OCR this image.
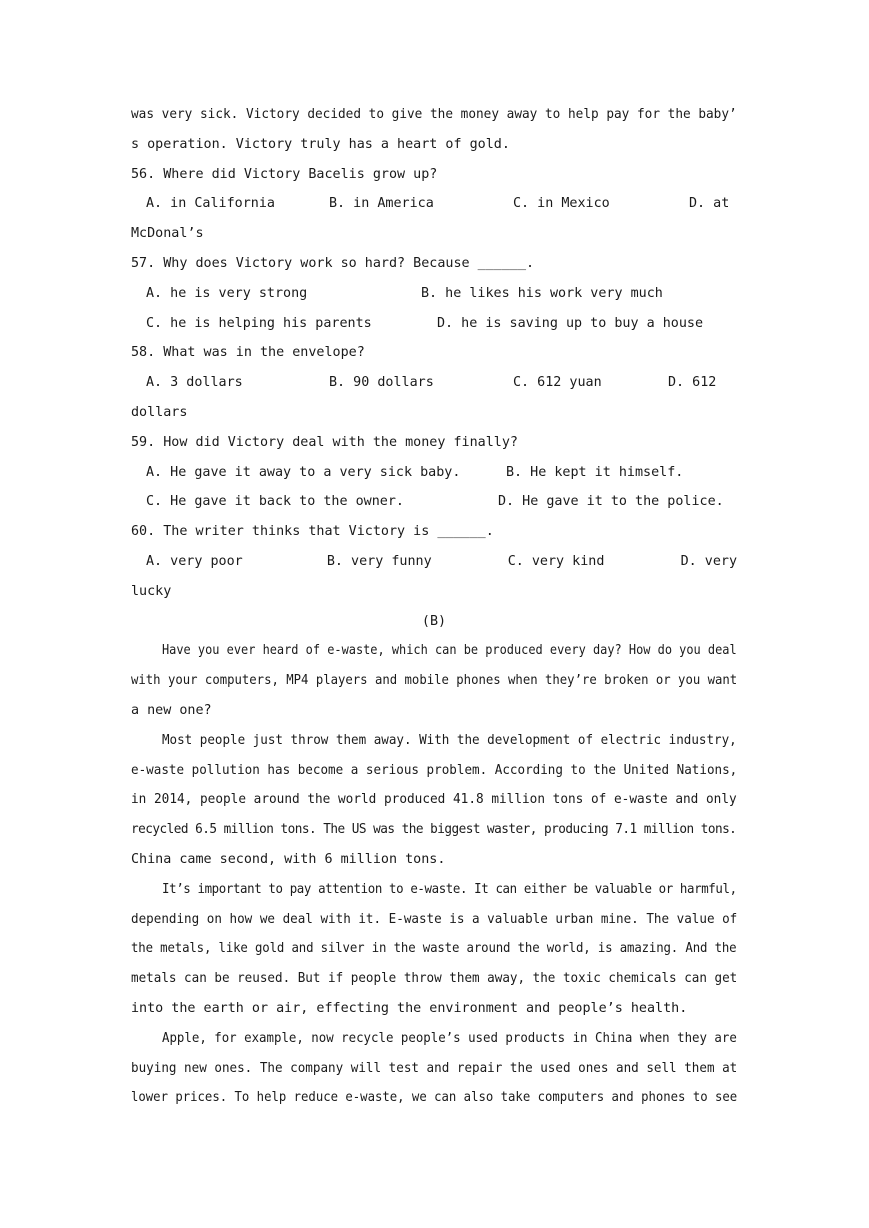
was very sick. Victory decided to give the money away to help pay for the baby’
s operation. Victory truly has a heart of gold.
56. Where did Victory Bacelis grow up?
A. in California	B. in America	C. in Mexico	D. at
McDonal’s
57. Why does Victory work so hard? Because ______.
A. he is very strong	B. he likes his work very much
C. he is helping his parents	D. he is saving up to buy a house
58. What was in the envelope?
A. 3 dollars	B. 90 dollars	C. 612 yuan	D. 612
dollars
59. How did Victory deal with the money finally?
A. He gave it away to a very sick baby.	B. He kept it himself.
C. He gave it back to the owner.	D. He gave it to the police.
60. The writer thinks that Victory is ______.
A. very poor	B. very funny	C. very kind	D. very
lucky
(B)
Have you ever heard of e-waste, which can be produced every day? How do you deal
with your computers, MP4 players and mobile phones when they’re broken or you want
a new one?
Most people just throw them away. With the development of electric industry,
e-waste pollution has become a serious problem. According to the United Nations,
in 2014, people around the world produced 41.8 million tons of e-waste and only
recycled 6.5 million tons. The US was the biggest waster, producing 7.1 million tons.
China came second, with 6 million tons.
It’s important to pay attention to e-waste. It can either be valuable or harmful,
depending on how we deal with it. E-waste is a valuable urban mine. The value of
the metals, like gold and silver in the waste around the world, is amazing. And the
metals can be reused. But if people throw them away, the toxic chemicals can get
into the earth or air, effecting the environment and people’s health.
Apple, for example, now recycle people’s used products in China when they are
buying new ones. The company will test and repair the used ones and sell them at
lower prices. To help reduce e-waste, we can also take computers and phones to see
